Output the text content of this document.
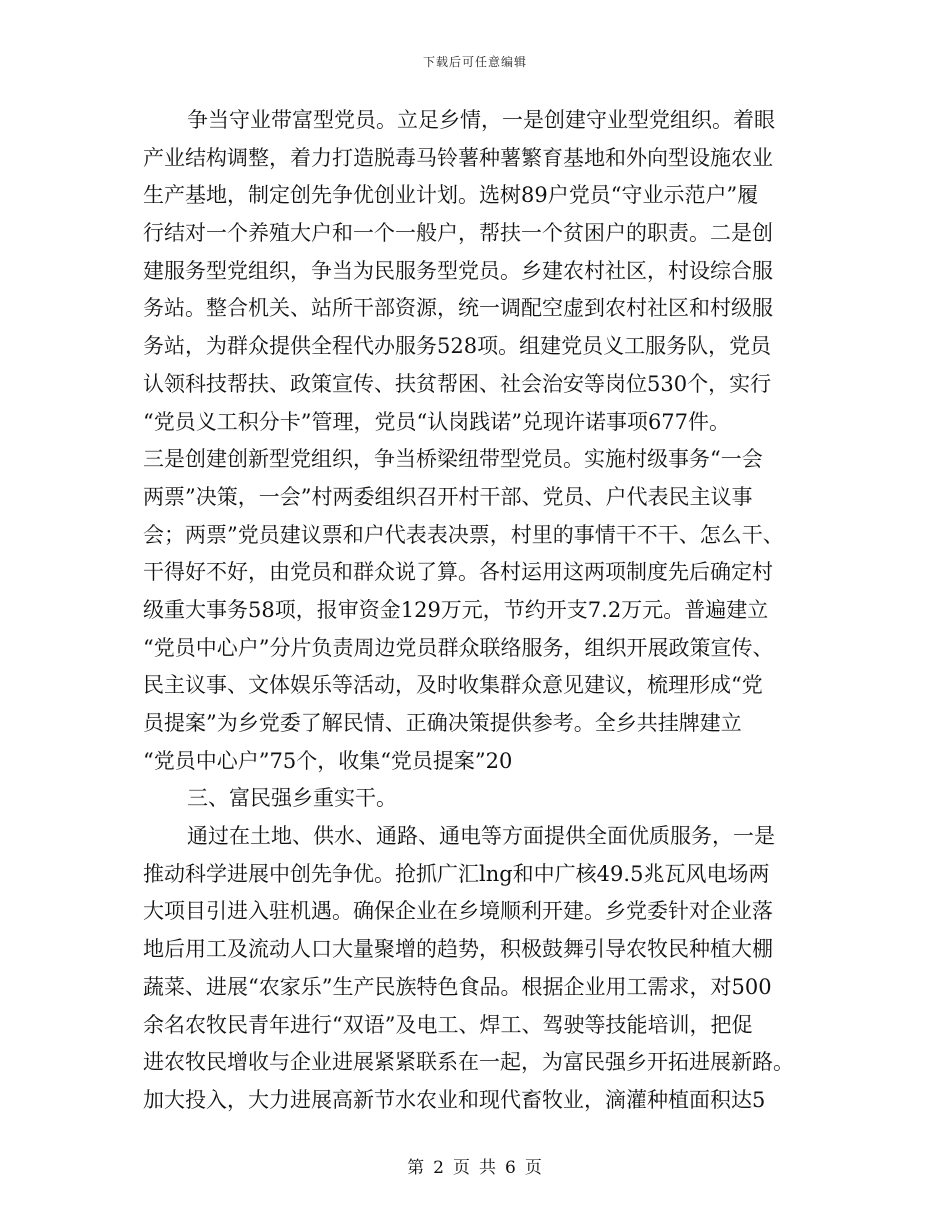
下载后可任意编辑
争当守业带富型党员。立足乡情，一是创建守业型党组织。着眼
产业结构调整，着力打造脱毒马铃薯种薯繁育基地和外向型设施农业
生产基地，制定创先争优创业计划。选树89户党员“守业示范户”履
行结对一个养殖大户和一个一般户，帮扶一个贫困户的职责。二是创
建服务型党组织，争当为民服务型党员。乡建农村社区，村设综合服
务站。整合机关、站所干部资源，统一调配空虚到农村社区和村级服
务站，为群众提供全程代办服务528项。组建党员义工服务队，党员
认领科技帮扶、政策宣传、扶贫帮困、社会治安等岗位530个，实行
“党员义工积分卡”管理，党员“认岗践诺”兑现许诺事项677件。
三是创建创新型党组织，争当桥梁纽带型党员。实施村级事务“一会
两票”决策，一会”村两委组织召开村干部、党员、户代表民主议事
会；两票”党员建议票和户代表表决票，村里的事情干不干、怎么干、
干得好不好，由党员和群众说了算。各村运用这两项制度先后确定村
级重大事务58项，报审资金129万元，节约开支7.2万元。普遍建立
“党员中心户”分片负责周边党员群众联络服务，组织开展政策宣传、
民主议事、文体娱乐等活动，及时收集群众意见建议，梳理形成“党
员提案”为乡党委了解民情、正确决策提供参考。全乡共挂牌建立
“党员中心户”75个，收集“党员提案”20
三、富民强乡重实干。
通过在土地、供水、通路、通电等方面提供全面优质服务，一是
推动科学进展中创先争优。抢抓广汇lng和中广核49.5兆瓦风电场两
大项目引进入驻机遇。确保企业在乡境顺利开建。乡党委针对企业落
地后用工及流动人口大量聚增的趋势，积极鼓舞引导农牧民种植大棚
蔬菜、进展“农家乐”生产民族特色食品。根据企业用工需求，对500
余名农牧民青年进行“双语”及电工、焊工、驾驶等技能培训，把促
进农牧民增收与企业进展紧紧联系在一起，为富民强乡开拓进展新路。
加大投入，大力进展高新节水农业和现代畜牧业，滴灌种植面积达5
第 2 页 共 6 页
